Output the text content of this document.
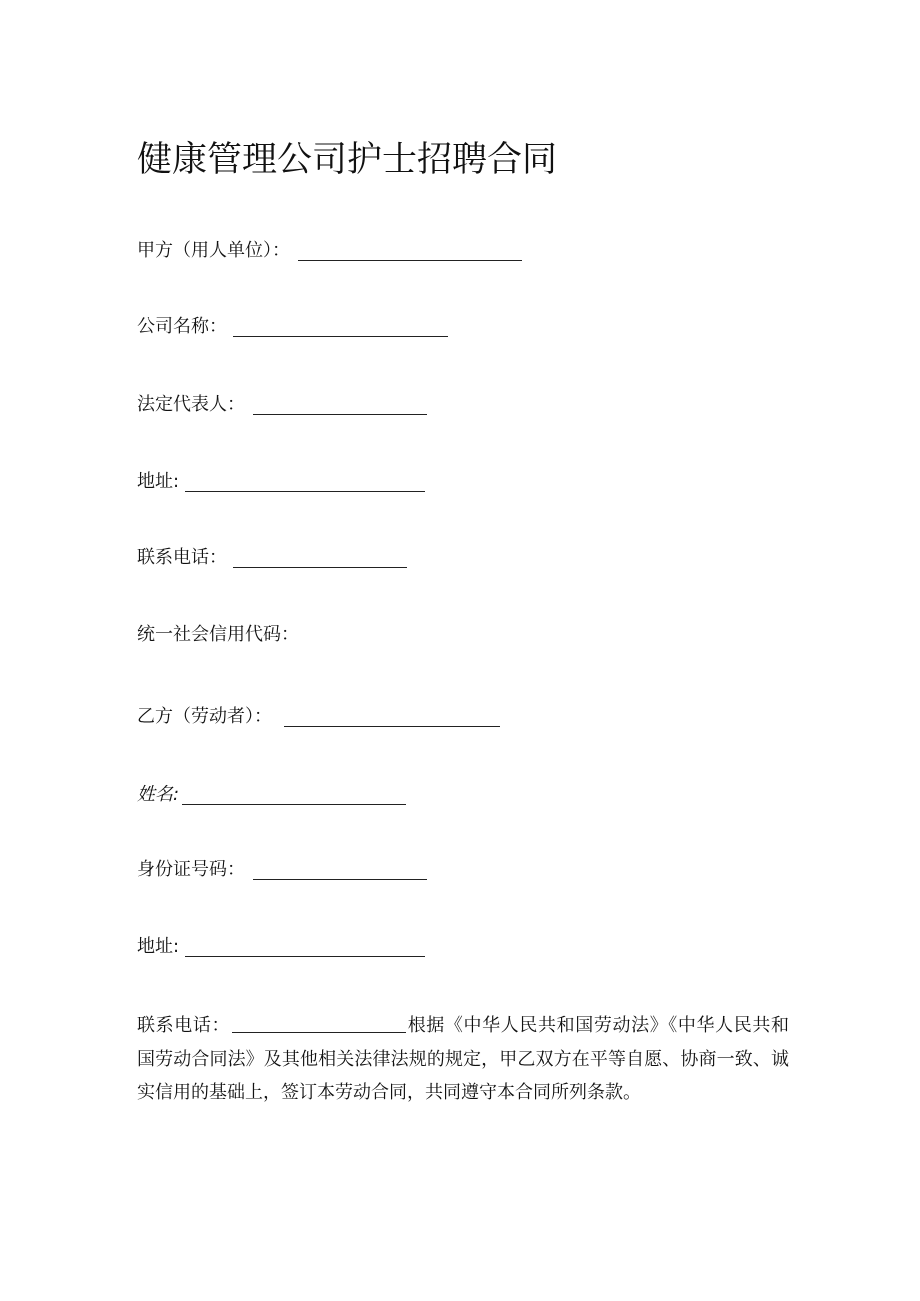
健康管理公司护士招聘合同
甲方（用人单位）：
公司名称：
法定代表人：
地址:
联系电话：
统一社会信用代码：
乙方（劳动者）：
姓名:
身份证号码：
地址:
联系电话：	根据《中华人民共和国劳动法》《中华人民共和国劳动合同法》及其他相关法律法规的规定，甲乙双方在平等自愿、协商一致、诚实信用的基础上，签订本劳动合同，共同遵守本合同所列条款。
